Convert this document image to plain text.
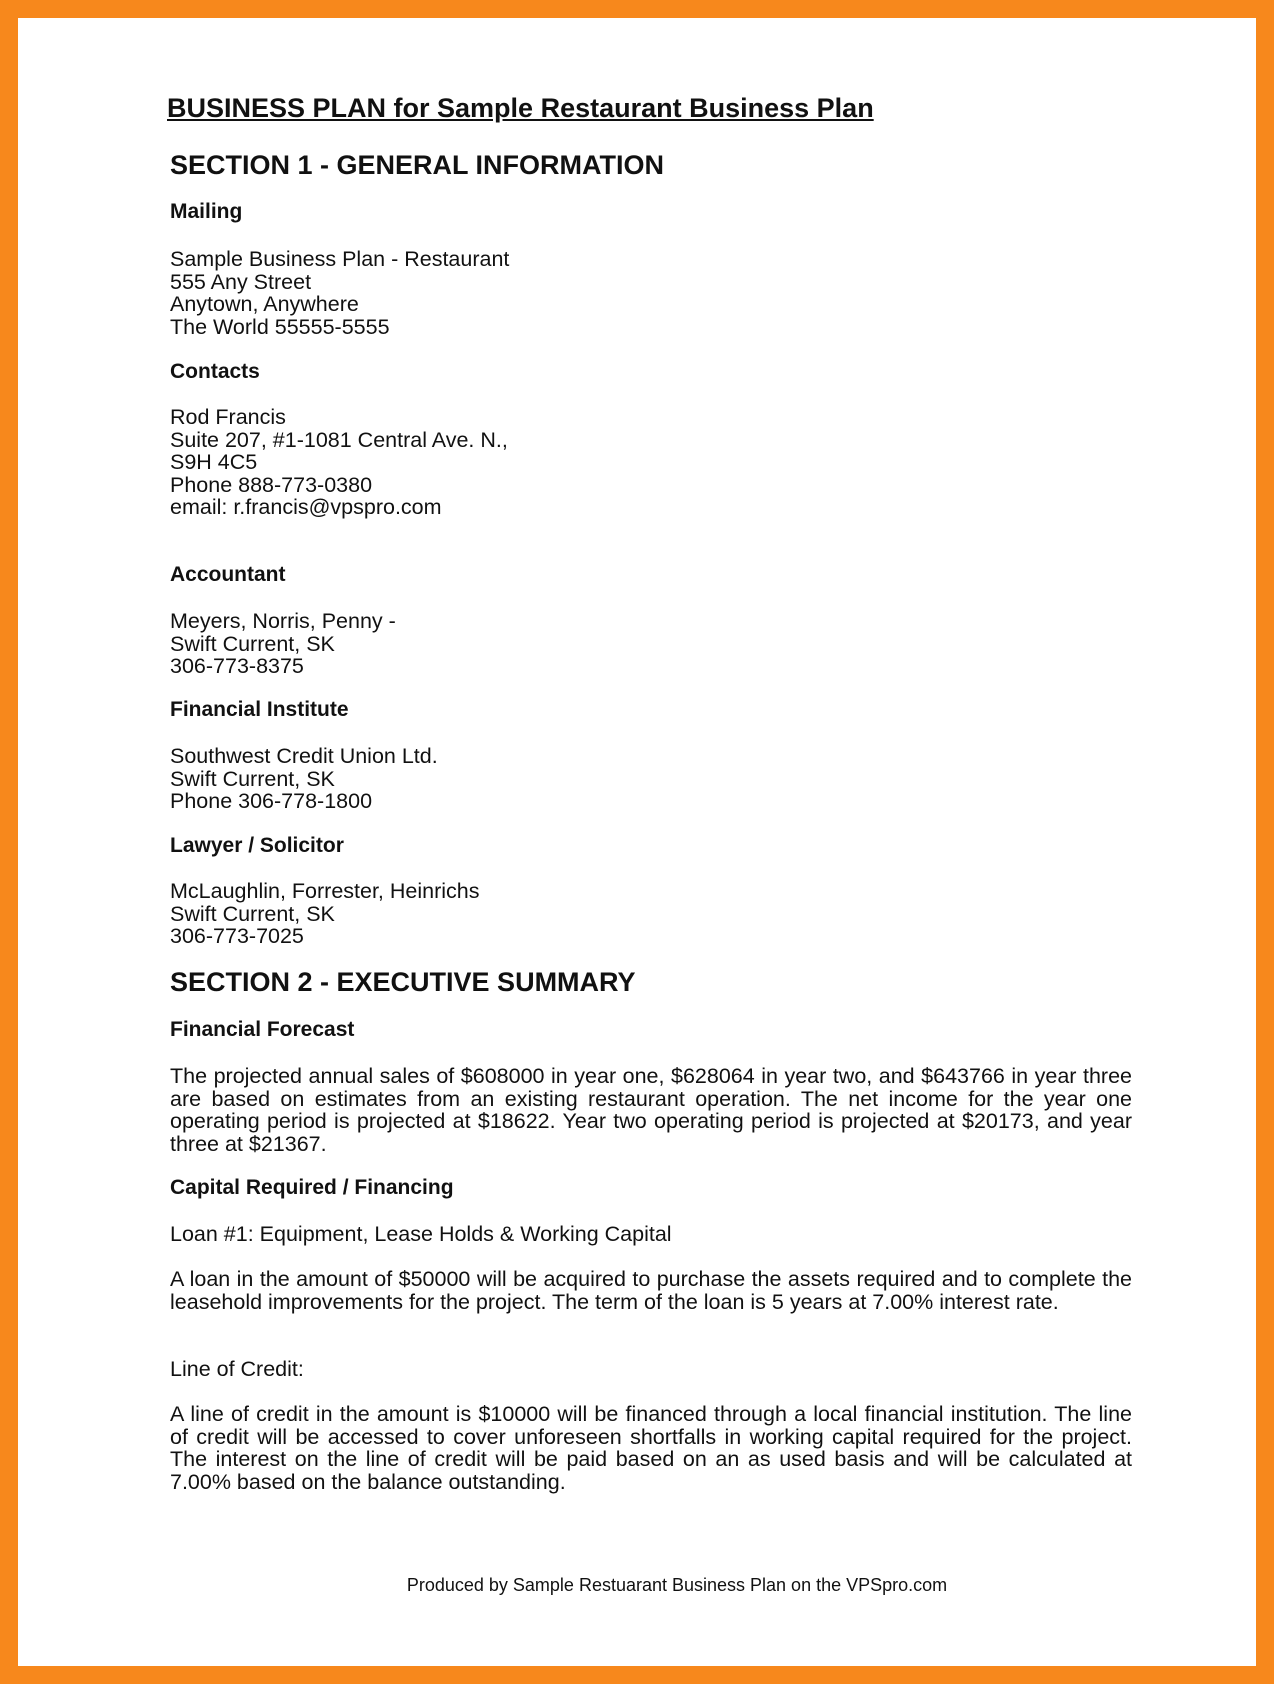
BUSINESS PLAN for Sample Restaurant Business Plan
SECTION 1 - GENERAL INFORMATION
Mailing
Sample Business Plan - Restaurant
555 Any Street
Anytown, Anywhere
The World 55555-5555
Contacts
Rod Francis
Suite 207, #1-1081 Central Ave. N.,
S9H 4C5
Phone 888-773-0380
email: r.francis@vpspro.com
Accountant
Meyers, Norris, Penny -
Swift Current, SK
306-773-8375
Financial Institute
Southwest Credit Union Ltd.
Swift Current, SK
Phone 306-778-1800
Lawyer / Solicitor
McLaughlin, Forrester, Heinrichs
Swift Current, SK
306-773-7025
SECTION 2 - EXECUTIVE SUMMARY
Financial Forecast
The projected annual sales of $608000 in year one, $628064 in year two, and $643766 in year three are based on estimates from an existing restaurant operation. The net income for the year one operating period is projected at $18622. Year two operating period is projected at $20173, and year three at $21367.
Capital Required / Financing
Loan #1: Equipment, Lease Holds & Working Capital
A loan in the amount of $50000 will be acquired to purchase the assets required and to complete the leasehold improvements for the project. The term of the loan is 5 years at 7.00% interest rate.
Line of Credit:
A line of credit in the amount is $10000 will be financed through a local financial institution. The line of credit will be accessed to cover unforeseen shortfalls in working capital required for the project. The interest on the line of credit will be paid based on an as used basis and will be calculated at 7.00% based on the balance outstanding.
Produced by Sample Restuarant Business Plan on the VPSpro.com
